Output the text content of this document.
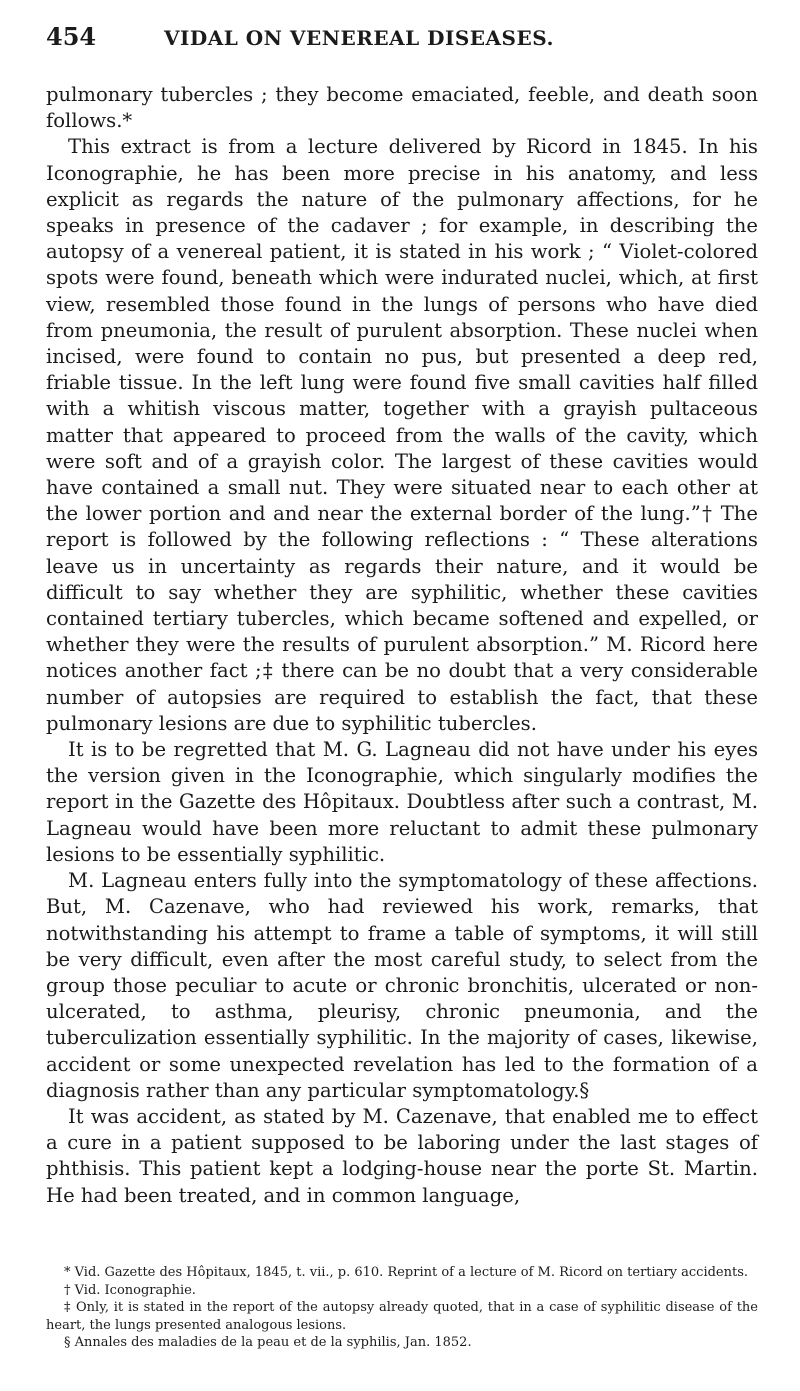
454	VIDAL ON VENEREAL DISEASES.

pulmonary tubercles ; they become emaciated, feeble, and death soon follows.*

This extract is from a lecture delivered by Ricord in 1845. In his Iconographie, he has been more precise in his anatomy, and less explicit as regards the nature of the pulmonary affections, for he speaks in presence of the cadaver ; for example, in describing the autopsy of a venereal patient, it is stated in his work ; “ Violet-colored spots were found, beneath which were indurated nuclei, which, at first view, resembled those found in the lungs of persons who have died from pneumonia, the result of purulent absorption. These nuclei when incised, were found to contain no pus, but presented a deep red, friable tissue. In the left lung were found five small cavities half filled with a whitish viscous matter, together with a grayish pultaceous matter that appeared to proceed from the walls of the cavity, which were soft and of a grayish color. The largest of these cavities would have contained a small nut. They were situated near to each other at the lower portion and and near the external border of the lung.”† The report is followed by the following reflections : “ These alterations leave us in uncertainty as regards their nature, and it would be difficult to say whether they are syphilitic, whether these cavities contained tertiary tubercles, which became softened and expelled, or whether they were the results of purulent absorption.” M. Ricord here notices another fact ;‡ there can be no doubt that a very considerable number of autopsies are required to establish the fact, that these pulmonary lesions are due to syphilitic tubercles.

It is to be regretted that M. G. Lagneau did not have under his eyes the version given in the Iconographie, which singularly modifies the report in the Gazette des Hôpitaux. Doubtless after such a contrast, M. Lagneau would have been more reluctant to admit these pulmonary lesions to be essentially syphilitic.

M. Lagneau enters fully into the symptomatology of these affections. But, M. Cazenave, who had reviewed his work, remarks, that notwithstanding his attempt to frame a table of symptoms, it will still be very difficult, even after the most careful study, to select from the group those peculiar to acute or chronic bronchitis, ulcerated or non-ulcerated, to asthma, pleurisy, chronic pneumonia, and the tuberculization essentially syphilitic. In the majority of cases, likewise, accident or some unexpected revelation has led to the formation of a diagnosis rather than any particular symptomatology.§

It was accident, as stated by M. Cazenave, that enabled me to effect a cure in a patient supposed to be laboring under the last stages of phthisis. This patient kept a lodging-house near the porte St. Martin. He had been treated, and in common language,

* Vid. Gazette des Hôpitaux, 1845, t. vii., p. 610. Reprint of a lecture of M. Ricord on tertiary accidents.

† Vid. Iconographie.

‡ Only, it is stated in the report of the autopsy already quoted, that in a case of syphilitic disease of the heart, the lungs presented analogous lesions.

§ Annales des maladies de la peau et de la syphilis, Jan. 1852.
